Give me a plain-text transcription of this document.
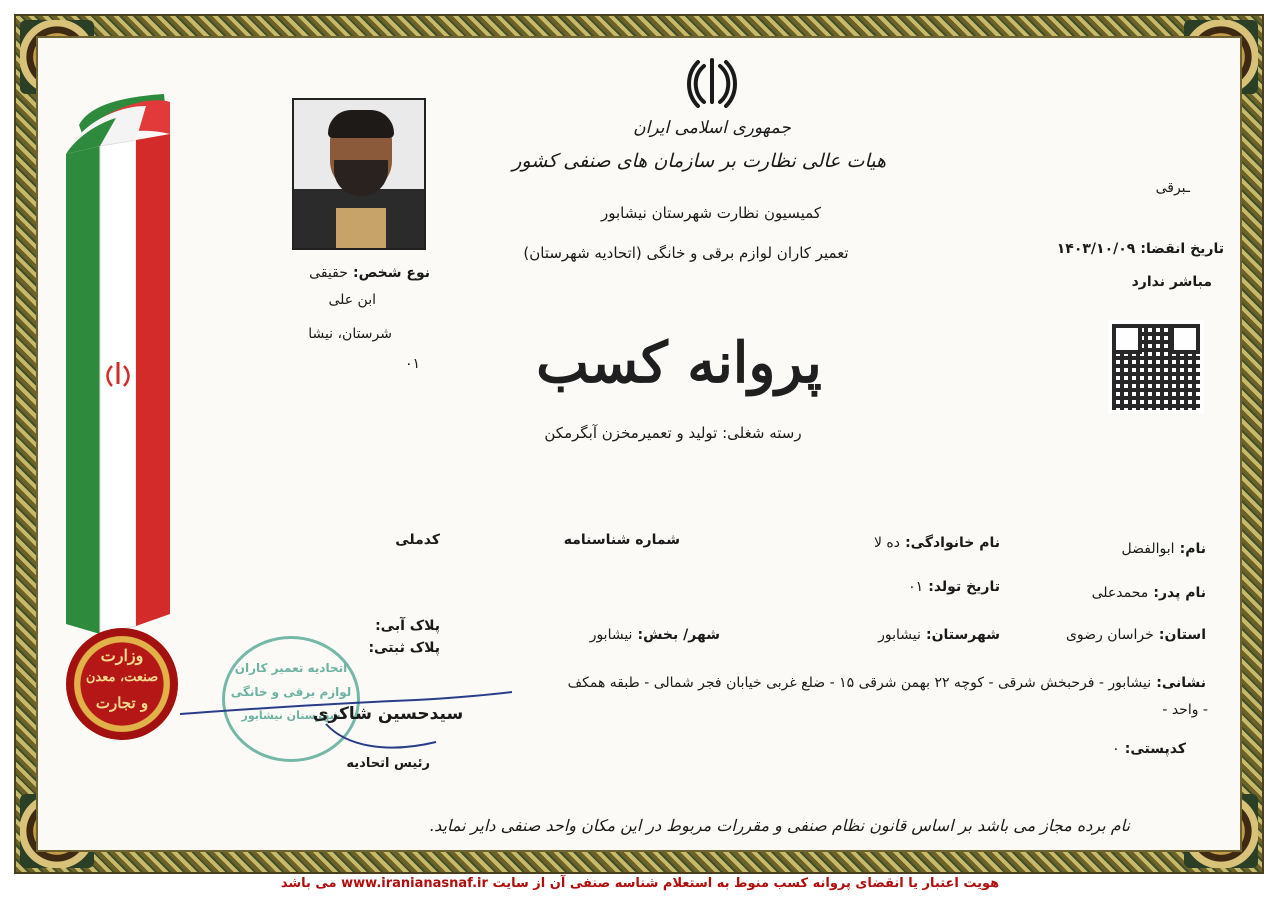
جمهوری اسلامی ایران
هیات عالی نظارت بر سازمان های صنفی کشور
کمیسیون نظارت شهرستان نیشابور
تعمیر کاران لوازم برقی و خانگی (اتحادیه شهرستان)
پروانه کسب
رسته شغلی: تولید و تعمیرمخزن آبگرمکن
نوع شخص: حقیقی
ابن علی
شرستان، نیشا
۰۱
ـبرقی
تاریخ انقضا: ۱۴۰۳/۱۰/۰۹
مباشر ندارد
نام: ابوالفضل
نام خانوادگی: ده لا
شماره شناسنامه
کدملی
نام پدر: محمدعلی
تاریخ تولد: ۰۱
استان: خراسان رضوی
شهرستان: نیشابور
شهر/ بخش: نیشابور
پلاک آبی:
پلاک ثبتی:
نشانی: نیشابور - فرحبخش شرقی - کوچه ۲۲ بهمن شرقی ۱۵ - ضلع غربی خیابان فجر شمالی - طبقه همکف
- واحد -
کدپستی: ۰
وزارت
صنعت، معدن
و تجارت
اتحادیه تعمیر کاران
لوازم برقی و خانگی
شهرستان نیشابور
سیدحسین شاکری
رئیس اتحادیه
نام برده مجاز می باشد بر اساس قانون نظام صنفی و مقررات مربوط در این مکان واحد صنفی دایر نماید.
هویت اعتبار یا انقضای پروانه کسب منوط به استعلام شناسه صنفی آن از سایت www.iranianasnaf.ir می باشد
